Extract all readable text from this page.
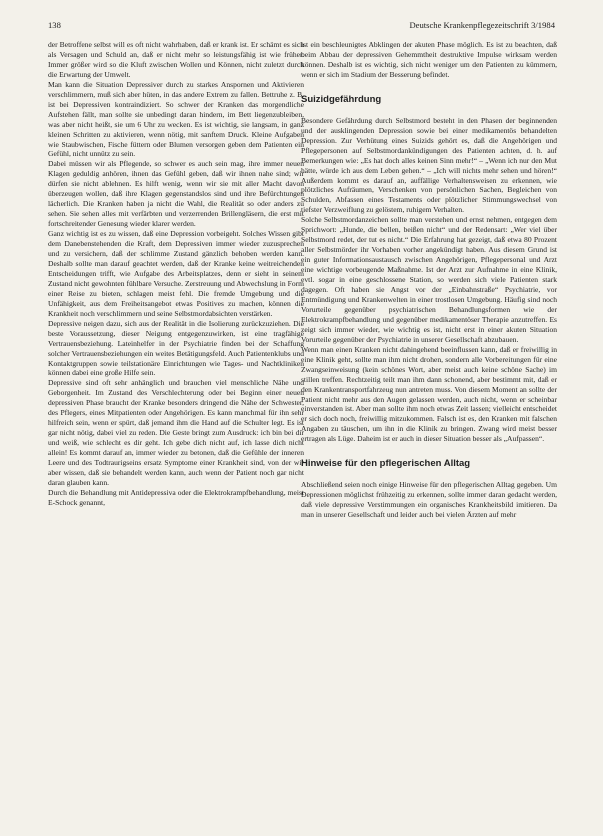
138	Deutsche Krankenpflegezeitschrift 3/1984

der Betroffene selbst will es oft nicht wahrhaben, daß er krank ist. Er schämt es sich als Versagen und Schuld an, daß er nicht mehr so leistungsfähig ist wie früher. Immer größer wird so die Kluft zwischen Wollen und Können, nicht zuletzt durch die Erwartung der Umwelt.

Man kann die Situation Depressiver durch zu starkes Anspornen und Aktivieren verschlimmern, muß sich aber hüten, in das andere Extrem zu fallen. Bettruhe z. B. ist bei Depressiven kontraindiziert. So schwer der Kranken das morgendliche Aufstehen fällt, man sollte sie unbedingt daran hindern, im Bett liegenzubleiben, was aber nicht heißt, sie um 6 Uhr zu wecken. Es ist wichtig, sie langsam, in ganz kleinen Schritten zu aktivieren, wenn nötig, mit sanftem Druck. Kleine Aufgaben wie Staubwischen, Fische füttern oder Blumen versorgen geben dem Patienten ein Gefühl, nicht unnütz zu sein.

Dabei müssen wir als Pflegende, so schwer es auch sein mag, ihre immer neuen Klagen geduldig anhören, ihnen das Gefühl geben, daß wir ihnen nahe sind; wir dürfen sie nicht ablehnen. Es hilft wenig, wenn wir sie mit aller Macht davon überzeugen wollen, daß ihre Klagen gegenstandslos sind und ihre Befürchtungen lächerlich. Die Kranken haben ja nicht die Wahl, die Realität so oder anders zu sehen. Sie sehen alles mit verfärbten und verzerrenden Brillengläsern, die erst mit fortschreitender Genesung wieder klarer werden.

Ganz wichtig ist es zu wissen, daß eine Depression vorbeigeht. Solches Wissen gibt dem Danebenstehenden die Kraft, dem Depressiven immer wieder zuzusprechen und zu versichern, daß der schlimme Zustand gänzlich behoben werden kann. Deshalb sollte man darauf geachtet werden, daß der Kranke keine weitreichenden Entscheidungen trifft, wie Aufgabe des Arbeitsplatzes, denn er sieht in seinem Zustand nicht gewohnten fühlbare Versuche. Zerstreuung und Abwechslung in Form einer Reise zu bieten, schlagen meist fehl. Die fremde Umgebung und die Unfähigkeit, aus dem Freiheitsangebot etwas Positives zu machen, können die Krankheit noch verschlimmern und seine Selbstmordabsichten verstärken.

Depressive neigen dazu, sich aus der Realität in die Isolierung zurückzuziehen. Die beste Voraussetzung, dieser Neigung entgegenzuwirken, ist eine tragfähige Vertrauensbeziehung. Lateinhelfer in der Psychiatrie finden bei der Schaffung solcher Vertrauensbeziehungen ein weites Betätigungsfeld. Auch Patientenklubs und Kontaktgruppen sowie teilstationäre Einrichtungen wie Tages- und Nachtkliniken können dabei eine große Hilfe sein.

Depressive sind oft sehr anhänglich und brauchen viel menschliche Nähe und Geborgenheit. Im Zustand des Verschlechterung oder bei Beginn einer neuen depressiven Phase braucht der Kranke besonders dringend die Nähe der Schwester, des Pflegers, eines Mitpatienten oder Angehörigen. Es kann manchmal für ihn sehr hilfreich sein, wenn er spürt, daß jemand ihm die Hand auf die Schulter legt. Es ist gar nicht nötig, dabei viel zu reden. Die Geste bringt zum Ausdruck: ich bin bei dir und weiß, wie schlecht es dir geht. Ich gebe dich nicht auf, ich lasse dich nicht allein! Es kommt darauf an, immer wieder zu betonen, daß die Gefühle der inneren Leere und des Todtraurigseins ersatz Symptome einer Krankheit sind, von der wir aber wissen, daß sie behandelt werden kann, auch wenn der Patient noch gar nicht daran glauben kann.

Durch die Behandlung mit Antidepressiva oder die Elektrokrampfbehandlung, meist E-Schock genannt,

ist ein beschleunigtes Abklingen der akuten Phase möglich. Es ist zu beachten, daß beim Abbau der depressiven Gehemmtheit destruktive Impulse wirksam werden können. Deshalb ist es wichtig, sich nicht weniger um den Patienten zu kümmern, wenn er sich im Stadium der Besserung befindet.

Suizidgefährdung

Besondere Gefährdung durch Selbstmord besteht in den Phasen der beginnenden und der ausklingenden Depression sowie bei einer medikamentös behandelten Depression. Zur Verhütung eines Suizids gehört es, daß die Angehörigen und Pflegepersonen auf Selbstmordankündigungen des Patienten achten, d. h. auf Bemerkungen wie: „Es hat doch alles keinen Sinn mehr!“ – „Wenn ich nur den Mut hätte, würde ich aus dem Leben gehen.“ – „Ich will nichts mehr sehen und hören!“ Außerdem kommt es darauf an, auffällige Verhaltensweisen zu erkennen, wie plötzliches Aufräumen, Verschenken von persönlichen Sachen, Begleichen von Schulden, Abfassen eines Testaments oder plötzlicher Stimmungswechsel von tiefster Verzweiflung zu gelöstem, ruhigem Verhalten.

Solche Selbstmordanzeichen sollte man verstehen und ernst nehmen, entgegen dem Sprichwort: „Hunde, die bellen, beißen nicht“ und der Redensart: „Wer viel über Selbstmord redet, der tut es nicht.“ Die Erfahrung hat gezeigt, daß etwa 80 Prozent aller Selbstmörder ihr Vorhaben vorher angekündigt haben. Aus diesem Grund ist ein guter Informationsaustausch zwischen Angehörigen, Pflegepersonal und Arzt eine wichtige vorbeugende Maßnahme. Ist der Arzt zur Aufnahme in eine Klinik, evtl. sogar in eine geschlossene Station, so werden sich viele Patienten stark dagegen. Oft haben sie Angst vor der „Einbahnstraße“ Psychiatrie, vor Entmündigung und Krankenwelten in einer trostlosen Umgebung. Häufig sind noch Vorurteile gegenüber psychiatrischen Behandlungsformen wie der Elektrokrampfbehandlung und gegenüber medikamentöser Therapie anzutreffen. Es zeigt sich immer wieder, wie wichtig es ist, nicht erst in einer akuten Situation Vorurteile gegenüber der Psychiatrie in unserer Gesellschaft abzubauen.

Wenn man einen Kranken nicht dahingehend beeinflussen kann, daß er freiwillig in eine Klinik geht, sollte man ihm nicht drohen, sondern alle Vorbereitungen für eine Zwangseinweisung (kein schönes Wort, aber meist auch keine schöne Sache) im stillen treffen. Rechtzeitig teilt man ihm dann schonend, aber bestimmt mit, daß er den Krankentransportfahrzeug nun antreten muss. Von diesem Moment an sollte der Patient nicht mehr aus den Augen gelassen werden, auch nicht, wenn er scheinbar einverstanden ist. Aber man sollte ihm noch etwas Zeit lassen; vielleicht entscheidet er sich doch noch, freiwillig mitzukommen. Falsch ist es, den Kranken mit falschen Angaben zu täuschen, um ihn in die Klinik zu bringen. Zwang wird meist besser ertragen als Lüge. Daheim ist er auch in dieser Situation besser als „Aufpassen“.

Hinweise für den pflegerischen Alltag

Abschließend seien noch einige Hinweise für den pflegerischen Alltag gegeben. Um Depressionen möglichst frühzeitig zu erkennen, sollte immer daran gedacht werden, daß viele depressive Verstimmungen ein organisches Krankheitsbild imitieren. Da man in unserer Gesellschaft und leider auch bei vielen Ärzten auf mehr
